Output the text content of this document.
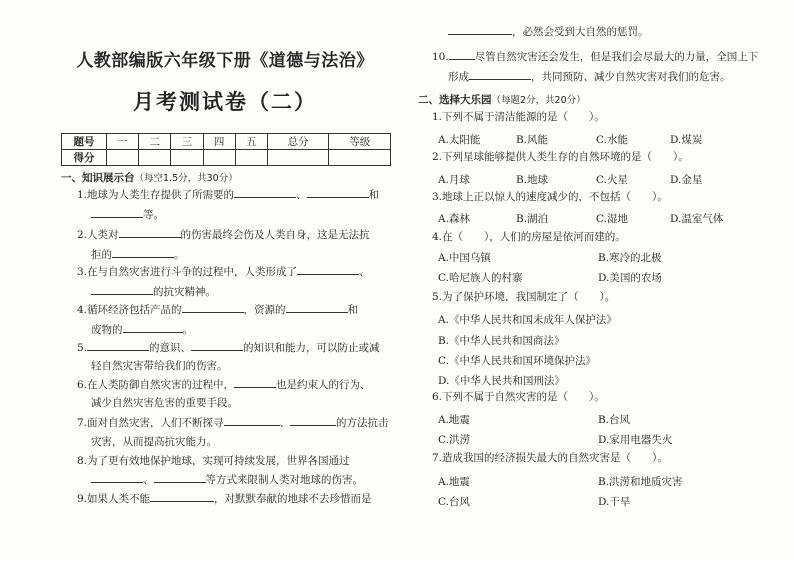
人教部编版六年级下册《道德与法治》
月考测试卷（二）
题号	一	二	三	四	五	总分	等级
得分							
一、知识展示台（每空1.5分，共30分）
1.地球为人类生存提供了所需要的	、	和
等。
2.人类对	的伤害最终会伤及人类自身，这是无法抗
拒的	。
3.在与自然灾害进行斗争的过程中，人类形成了	、
的抗灾精神。
4.循环经济包括产品的	，资源的	和
废物的	。
5.	的意识、	的知识和能力，可以防止或减
轻自然灾害带给我们的伤害。
6.在人类防御自然灾害的过程中，	也是约束人的行为、
减少自然灾害危害的重要手段。
7.面对自然灾害，人们不断探寻	、	的方法抗击
灾害，从而提高抗灾能力。
8.为了更有效地保护地球，实现可持续发展，世界各国通过
、	等方式来限制人类对地球的伤害。
9.如果人类不能	，对默默奉献的地球不去珍惜而是
，必然会受到大自然的惩罚。
10. 尽管自然灾害还会发生，但是我们会尽最大的力量，全国上下
形成	，共同预防、减少自然灾害对我们的危害。
二、选择大乐园（每题2分，共20分）
1.下列不属于清洁能源的是（　　）。
A.太阳能	B.风能	C.水能	D.煤炭
2.下列星球能够提供人类生存的自然环境的是（　　）。
A.月球	B.地球	C.火星	D.金星
3.地球上正以惊人的速度减少的，不包括（　　）。
A.森林	B.湖泊	C.湿地	D.温室气体
4.在（　　），人们的房屋是依河而建的。
A.中国乌镇	B.寒冷的北极
C.哈尼族人的村寨	D.美国的农场
5.为了保护环境，我国制定了（　　）。
A.《中华人民共和国未成年人保护法》
B.《中华人民共和国商法》
C.《中华人民共和国环境保护法》
D.《中华人民共和国刑法》
6.下列不属于自然灾害的是（　　）。
A.地震	B.台风
C.洪涝	D.家用电器失火
7.造成我国的经济损失最大的自然灾害是（　　）。
A.地震	B.洪涝和地质灾害
C.台风	D.干旱
